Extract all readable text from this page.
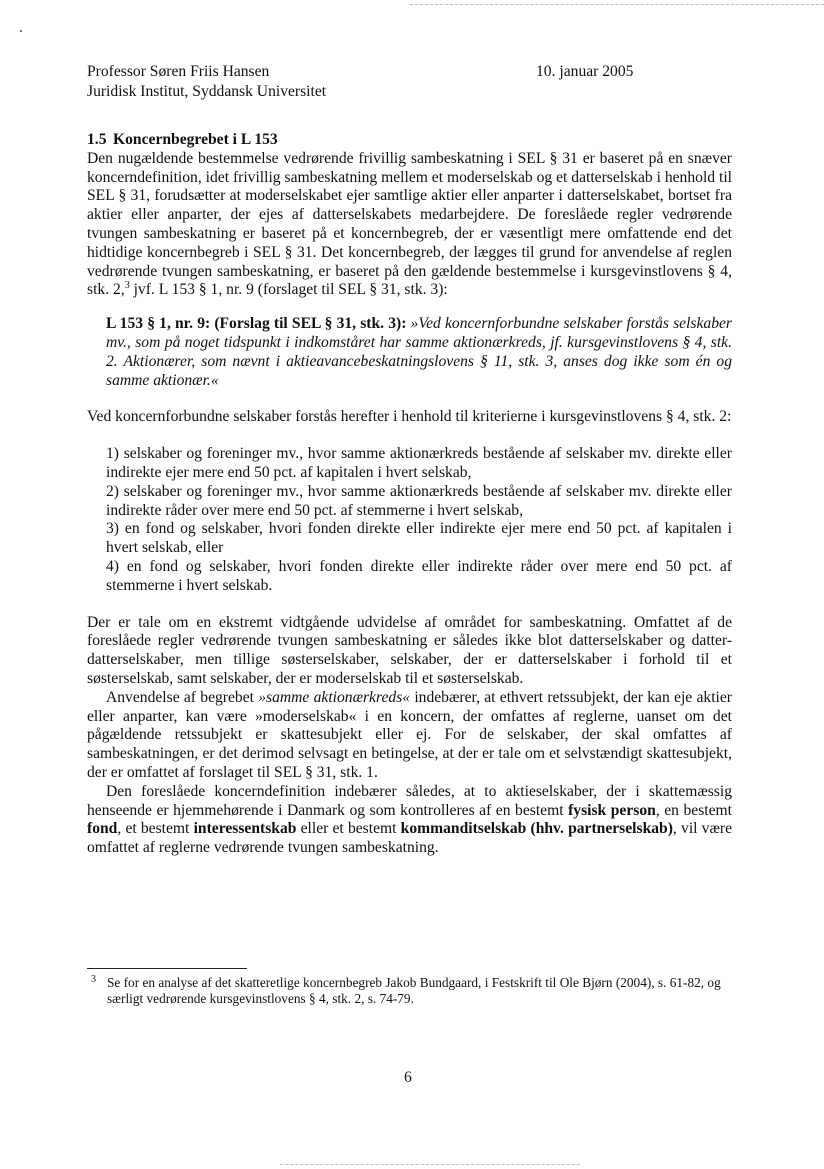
Professor Søren Friis Hansen
Juridisk Institut, Syddansk Universitet
10. januar 2005

1.5 Koncernbegrebet i L 153

Den nugældende bestemmelse vedrørende frivillig sambeskatning i SEL § 31 er baseret på en snæver koncerndefinition, idet frivillig sambeskatning mellem et moderselskab og et datterselskab i henhold til SEL § 31, forudsætter at moderselskabet ejer samtlige aktier eller anparter i datterselskabet, bortset fra aktier eller anparter, der ejes af datterselskabets medarbejdere. De foreslåede regler vedrørende tvungen sambeskatning er baseret på et koncernbegreb, der er væsentligt mere omfattende end det hidtidige koncernbegreb i SEL § 31. Det koncernbegreb, der lægges til grund for anvendelse af reglen vedrørende tvungen sambeskatning, er baseret på den gældende bestemmelse i kursgevinstlovens § 4, stk. 2,$^3$ jvf. L 153 § 1, nr. 9 (forslaget til SEL § 31, stk. 3):

L 153 § 1, nr. 9: (Forslag til SEL § 31, stk. 3): »Ved koncernforbundne selskaber forstås selskaber mv., som på noget tidspunkt i indkomståret har samme aktionærkreds, jf. kursgevinstlovens § 4, stk. 2. Aktionærer, som nævnt i aktieavancebeskatningslovens § 11, stk. 3, anses dog ikke som én og samme aktionær.«

Ved koncernforbundne selskaber forstås herefter i henhold til kriterierne i kursgevinstlovens § 4, stk. 2:

1) selskaber og foreninger mv., hvor samme aktionærkreds bestående af selskaber mv. direkte eller indirekte ejer mere end 50 pct. af kapitalen i hvert selskab,

2) selskaber og foreninger mv., hvor samme aktionærkreds bestående af selskaber mv. direkte eller indirekte råder over mere end 50 pct. af stemmerne i hvert selskab,

3) en fond og selskaber, hvori fonden direkte eller indirekte ejer mere end 50 pct. af kapitalen i hvert selskab, eller

4) en fond og selskaber, hvori fonden direkte eller indirekte råder over mere end 50 pct. af stemmerne i hvert selskab.

Der er tale om en ekstremt vidtgående udvidelse af området for sambeskatning. Omfattet af de foreslåede regler vedrørende tvungen sambeskatning er således ikke blot datterselskaber og datter-datterselskaber, men tillige søsterselskaber, selskaber, der er datterselskaber i forhold til et søsterselskab, samt selskaber, der er moderselskab til et søsterselskab.

Anvendelse af begrebet »samme aktionærkreds« indebærer, at ethvert retssubjekt, der kan eje aktier eller anparter, kan være »moderselskab« i en koncern, der omfattes af reglerne, uanset om det pågældende retssubjekt er skattesubjekt eller ej. For de selskaber, der skal omfattes af sambeskatningen, er det derimod selvsagt en betingelse, at der er tale om et selvstændigt skattesubjekt, der er omfattet af forslaget til SEL § 31, stk. 1.

Den foreslåede koncerndefinition indebærer således, at to aktieselskaber, der i skattemæssig henseende er hjemmehørende i Danmark og som kontrolleres af en bestemt fysisk person, en bestemt fond, et bestemt interessentskab eller et bestemt kommanditselskab (hhv. partnerselskab), vil være omfattet af reglerne vedrørende tvungen sambeskatning.

3 Se for en analyse af det skatteretlige koncernbegreb Jakob Bundgaard, i Festskrift til Ole Bjørn (2004), s. 61-82, og særligt vedrørende kursgevinstlovens § 4, stk. 2, s. 74-79.
6
